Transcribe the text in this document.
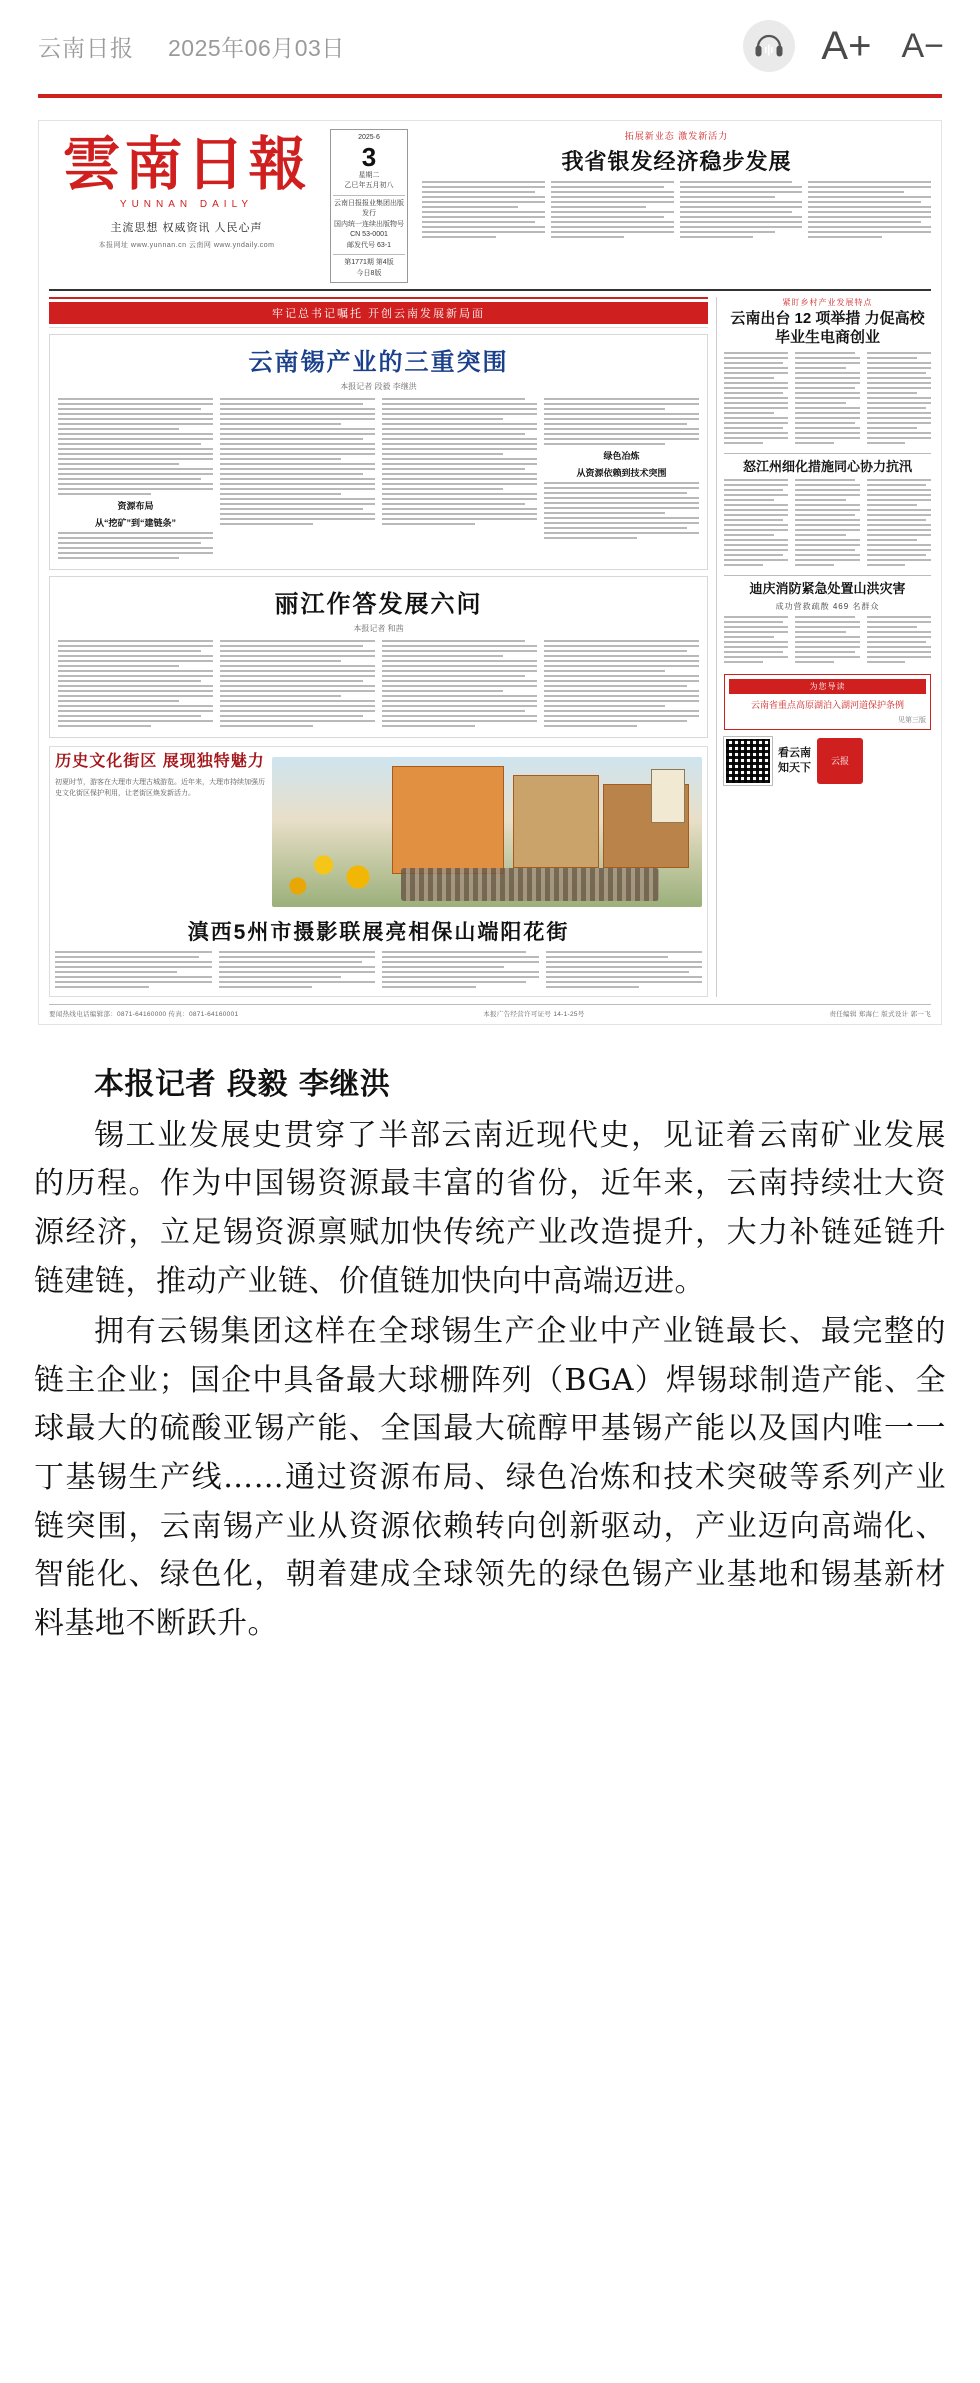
云南日报 2025年06月03日	A+ A−
雲南日報
YUNNAN DAILY
主流思想 权威资讯 人民心声
本报网址 www.yunnan.cn 云南网 www.yndaily.com
2025·6
3
星期二
乙巳年五月初八
云南日报报业集团出版发行
国内统一连续出版物号
CN 53-0001
邮发代号 63-1
第1771期 第4版
今日8版
拓展新业态 激发新活力
我省银发经济稳步发展
牢记总书记嘱托 开创云南发展新局面
云南锡产业的三重突围
本报记者 段毅 李继洪
资源布局
从“挖矿”到“建链条”
绿色冶炼
从资源依赖到技术突围
丽江作答发展六问
本报记者 和茜
历史文化街区 展现独特魅力
初夏时节，游客在大理市大理古城游览。近年来，大理市持续加强历史文化街区保护利用，让老街区焕发新活力。
滇西5州市摄影联展亮相保山端阳花街
紧盯乡村产业发展特点
云南出台 12 项举措 力促高校毕业生电商创业
怒江州细化措施同心协力抗汛
迪庆消防紧急处置山洪灾害
成功营救疏散 469 名群众
为您导读
云南省重点高原湖泊入湖河道保护条例
见第三版
看云南
知天下
云报
要闻热线电话编辑部：0871-64160000 传真：0871-64160001	本报广告经营许可证号 14-1-25号	责任编辑 郑海仁 版式设计 郭一飞

本报记者 段毅 李继洪

锡工业发展史贯穿了半部云南近现代史，见证着云南矿业发展的历程。作为中国锡资源最丰富的省份，近年来，云南持续壮大资源经济，立足锡资源禀赋加快传统产业改造提升，大力补链延链升链建链，推动产业链、价值链加快向中高端迈进。

拥有云锡集团这样在全球锡生产企业中产业链最长、最完整的链主企业；国企中具备最大球栅阵列（BGA）焊锡球制造产能、全球最大的硫酸亚锡产能、全国最大硫醇甲基锡产能以及国内唯一一丁基锡生产线……通过资源布局、绿色冶炼和技术突破等系列产业链突围，云南锡产业从资源依赖转向创新驱动，产业迈向高端化、智能化、绿色化，朝着建成全球领先的绿色锡产业基地和锡基新材料基地不断跃升。
